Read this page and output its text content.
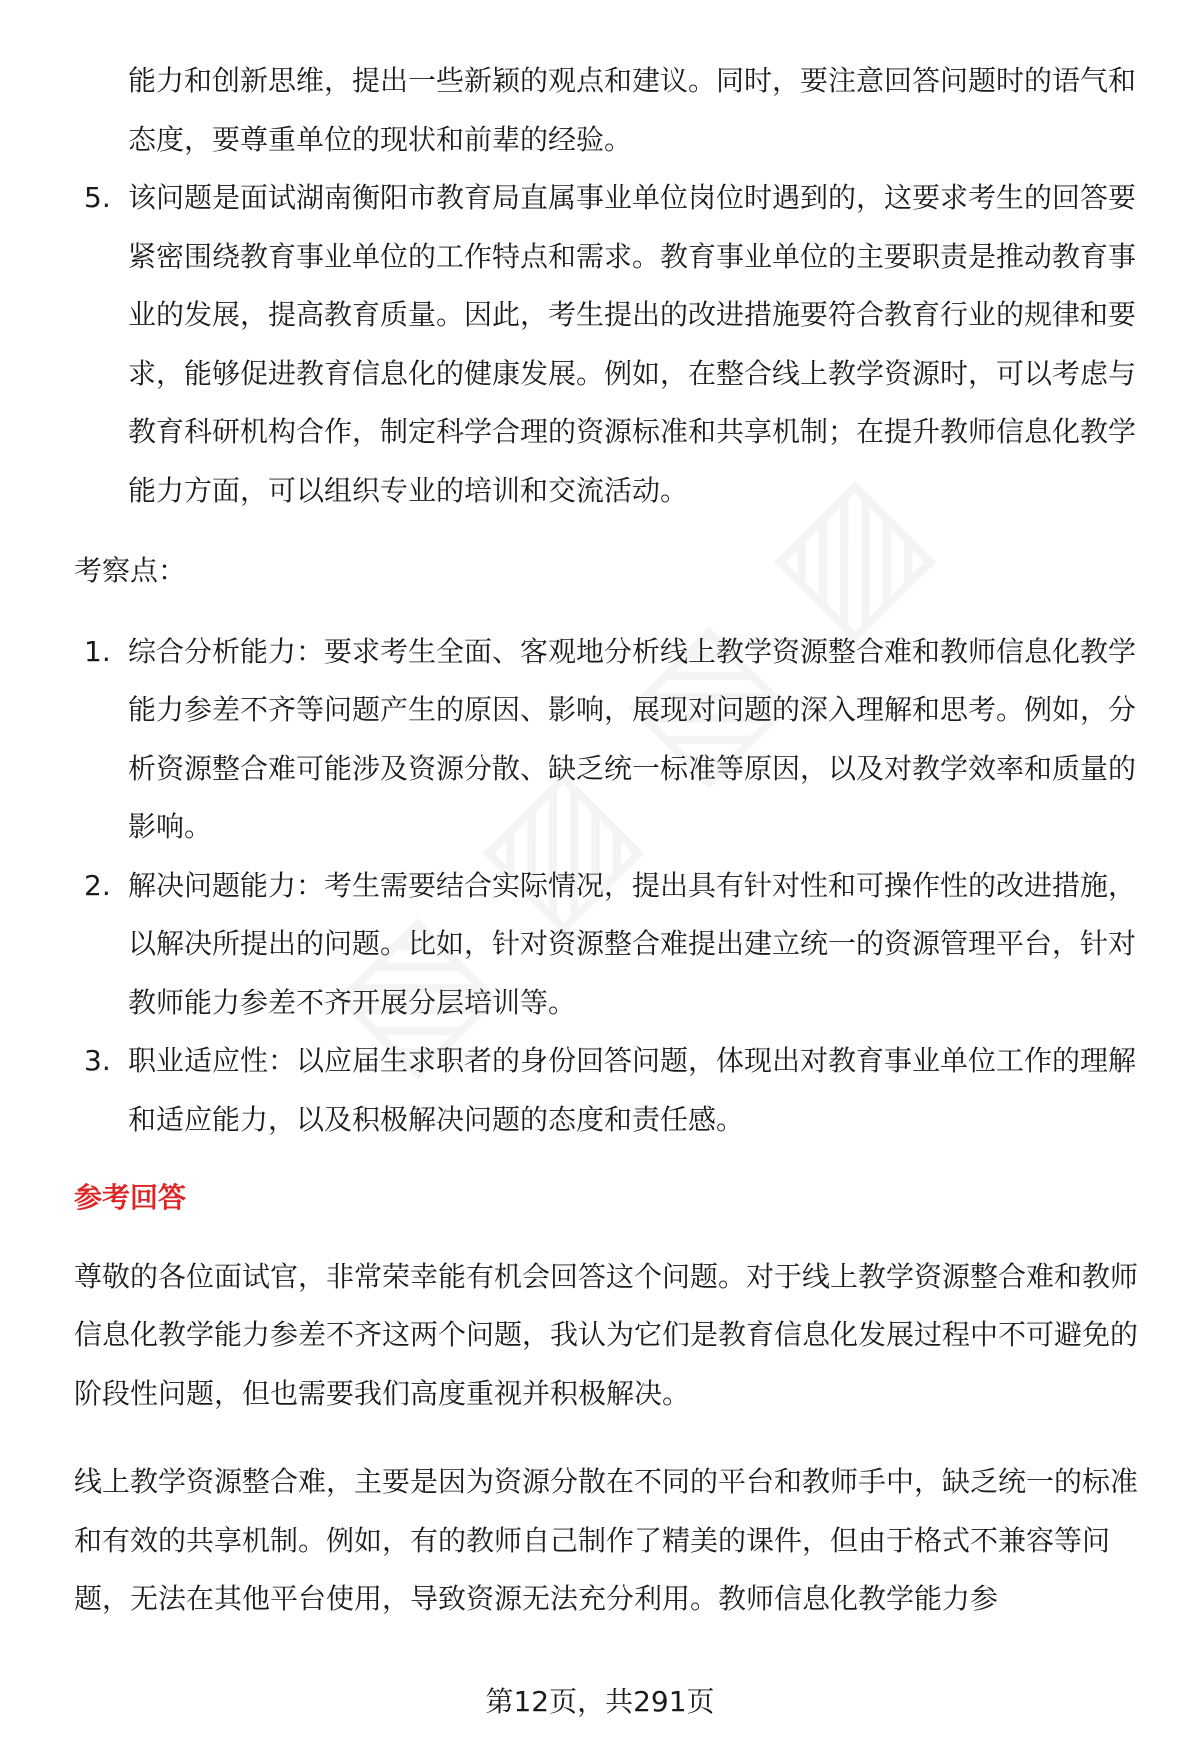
能力和创新思维，提出一些新颖的观点和建议。同时，要注意回答问题时的语气和态度，要尊重单位的现状和前辈的经验。

5. 该问题是面试湖南衡阳市教育局直属事业单位岗位时遇到的，这要求考生的回答要紧密围绕教育事业单位的工作特点和需求。教育事业单位的主要职责是推动教育事业的发展，提高教育质量。因此，考生提出的改进措施要符合教育行业的规律和要求，能够促进教育信息化的健康发展。例如，在整合线上教学资源时，可以考虑与教育科研机构合作，制定科学合理的资源标准和共享机制；在提升教师信息化教学能力方面，可以组织专业的培训和交流活动。
考察点：
1. 综合分析能力：要求考生全面、客观地分析线上教学资源整合难和教师信息化教学能力参差不齐等问题产生的原因、影响，展现对问题的深入理解和思考。例如，分析资源整合难可能涉及资源分散、缺乏统一标准等原因，以及对教学效率和质量的影响。
2. 解决问题能力：考生需要结合实际情况，提出具有针对性和可操作性的改进措施，以解决所提出的问题。比如，针对资源整合难提出建立统一的资源管理平台，针对教师能力参差不齐开展分层培训等。
3. 职业适应性：以应届生求职者的身份回答问题，体现出对教育事业单位工作的理解和适应能力，以及积极解决问题的态度和责任感。
参考回答

尊敬的各位面试官，非常荣幸能有机会回答这个问题。对于线上教学资源整合难和教师信息化教学能力参差不齐这两个问题，我认为它们是教育信息化发展过程中不可避免的阶段性问题，但也需要我们高度重视并积极解决。

线上教学资源整合难，主要是因为资源分散在不同的平台和教师手中，缺乏统一的标准和有效的共享机制。例如，有的教师自己制作了精美的课件，但由于格式不兼容等问题，无法在其他平台使用，导致资源无法充分利用。教师信息化教学能力参

第12页，共291页
